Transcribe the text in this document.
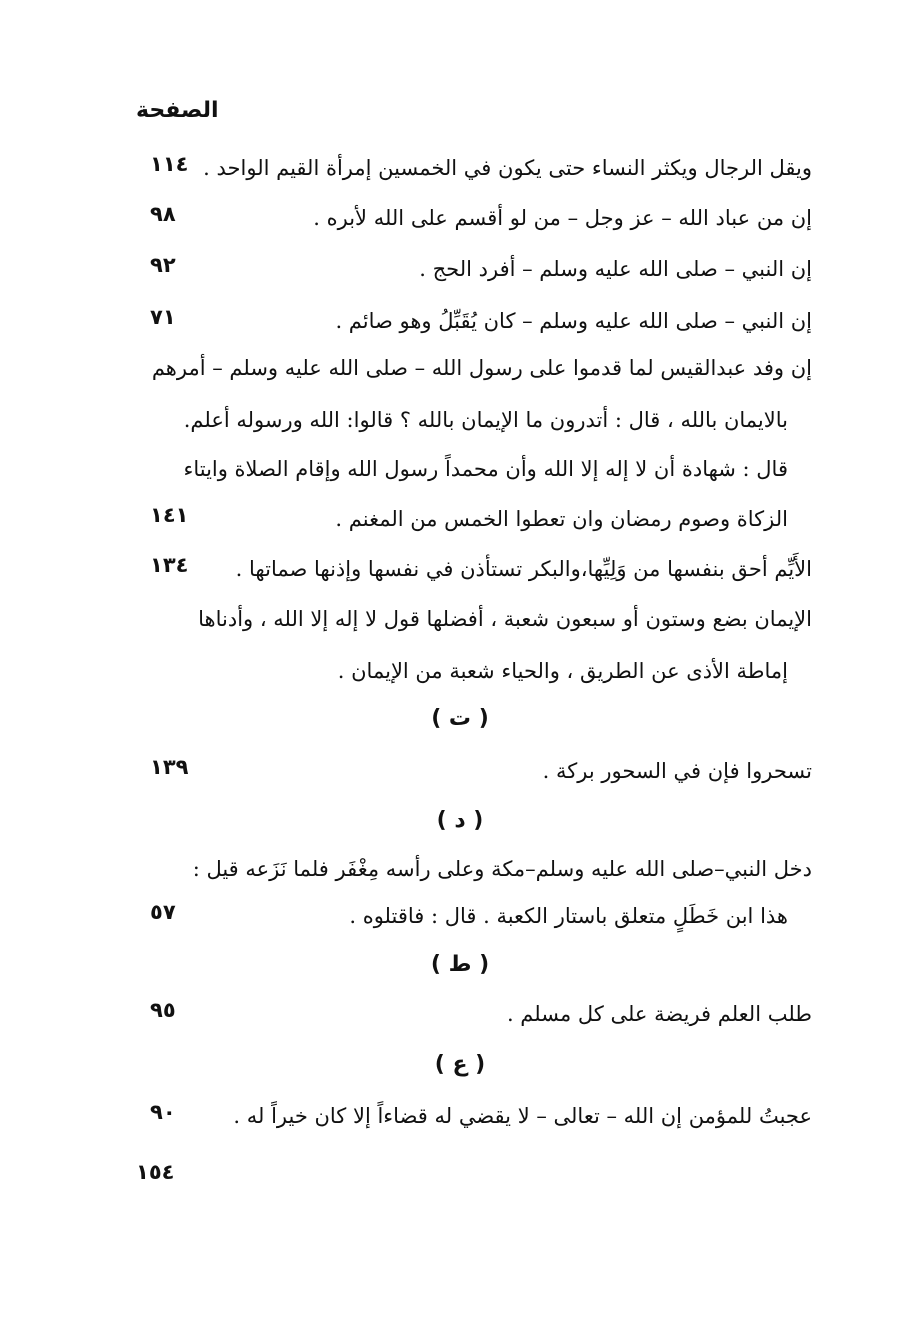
الصفحة
ويقل الرجال ويكثر النساء حتى يكون في الخمسين إمرأة القيم الواحد .
١١٤
إن من عباد الله – عز وجل – من لو أقسم على الله لأبره .
٩٨
إن النبي – صلى الله عليه وسلم – أفرد الحج .
٩٢
إن النبي – صلى الله عليه وسلم – كان يُقَبِّلُ وهو صائم .
٧١
إن وفد عبدالقيس لما قدموا على رسول الله – صلى الله عليه وسلم – أمرهم
بالايمان بالله ، قال : أتدرون ما الإيمان بالله ؟ قالوا: الله ورسوله أعلم.
قال : شهادة أن لا إله إلا الله وأن محمداً رسول الله وإقام الصلاة وايتاء
الزكاة وصوم رمضان وان تعطوا الخمس من المغنم .
١٤١
الأَيِّم أحق بنفسها من وَلِيِّها،والبكر تستأذن في نفسها وإذنها صماتها .
١٣٤
الإيمان بضع وستون أو سبعون شعبة ، أفضلها قول لا إله إلا الله ، وأدناها
إماطة الأذى عن الطريق ، والحياء شعبة من الإيمان .
( ت )
تسحروا فإن في السحور بركة .
١٣٩
( د )
دخل النبي–صلى الله عليه وسلم–مكة وعلى رأسه مِغْفَر فلما نَزَعه قيل :
هذا ابن خَطَلٍ متعلق باستار الكعبة . قال : فاقتلوه .
٥٧
( ط )
طلب العلم فريضة على كل مسلم .
٩٥
( ع )
عجبتُ للمؤمن إن الله – تعالى – لا يقضي له قضاءاً إلا كان خيراً له .
٩٠
١٥٤
